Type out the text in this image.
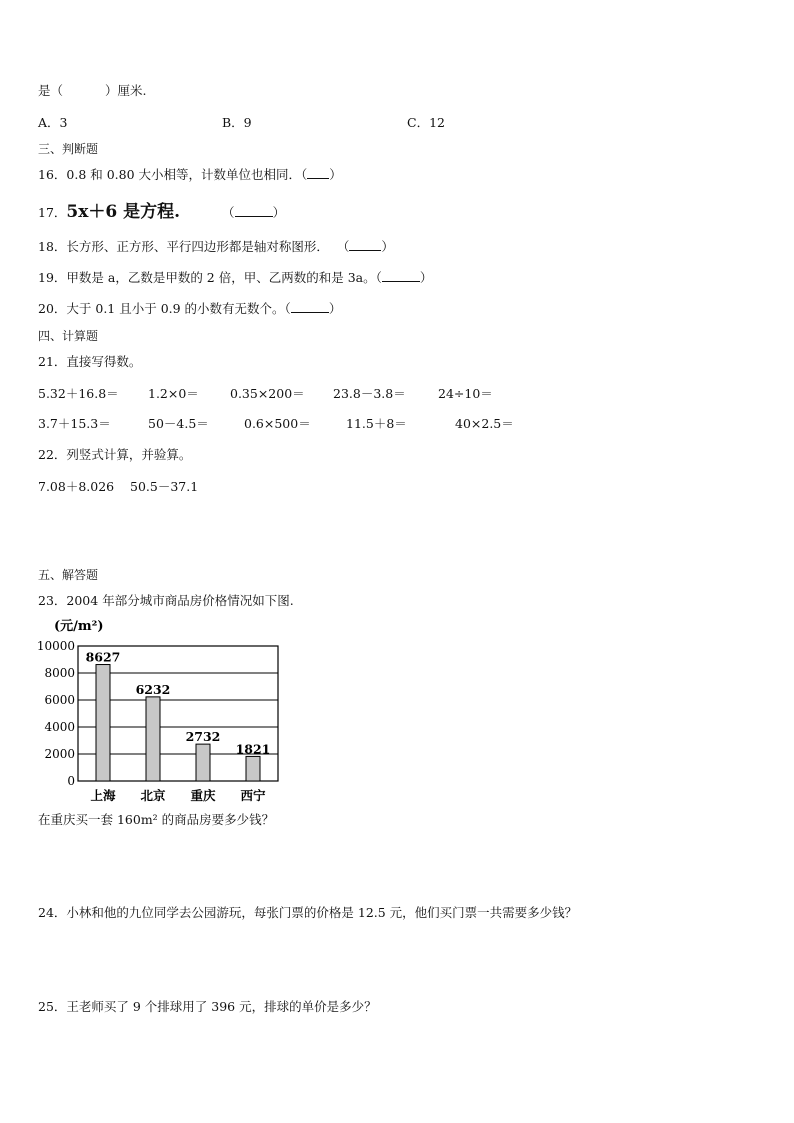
是（	）厘米.
A．3	B．9	C．12
三、判断题
16．0.8 和 0.80 大小相等，计数单位也相同．（ ）
17．5x＋6 是方程.	（	）
18．长方形、正方形、平行四边形都是轴对称图形．  （	）
19．甲数是 a，乙数是甲数的 2 倍，甲、乙两数的和是 3a。（	）
20．大于 0.1 且小于 0.9 的小数有无数个。（	）
四、计算题
21．直接写得数。
5.32＋16.8＝ 1.2×0＝ 0.35×200＝ 23.8－3.8＝	24÷10＝
3.7＋15.3＝	50－4.5＝	0.6×500＝	11.5＋8＝	40×2.5＝
22．列竖式计算，并验算。
7.08＋8.026 50.5－37.1
五、解答题
23．2004 年部分城市商品房价格情况如下图.
0
2000
4000
6000
8000
10000
8627
上海
6232
北京
2732
重庆
1821
西宁
(元/m²)
在重庆买一套 160m² 的商品房要多少钱？
24．小林和他的九位同学去公园游玩，每张门票的价格是 12.5 元，他们买门票一共需要多少钱？
25．王老师买了 9 个排球用了 396 元，排球的单价是多少？
